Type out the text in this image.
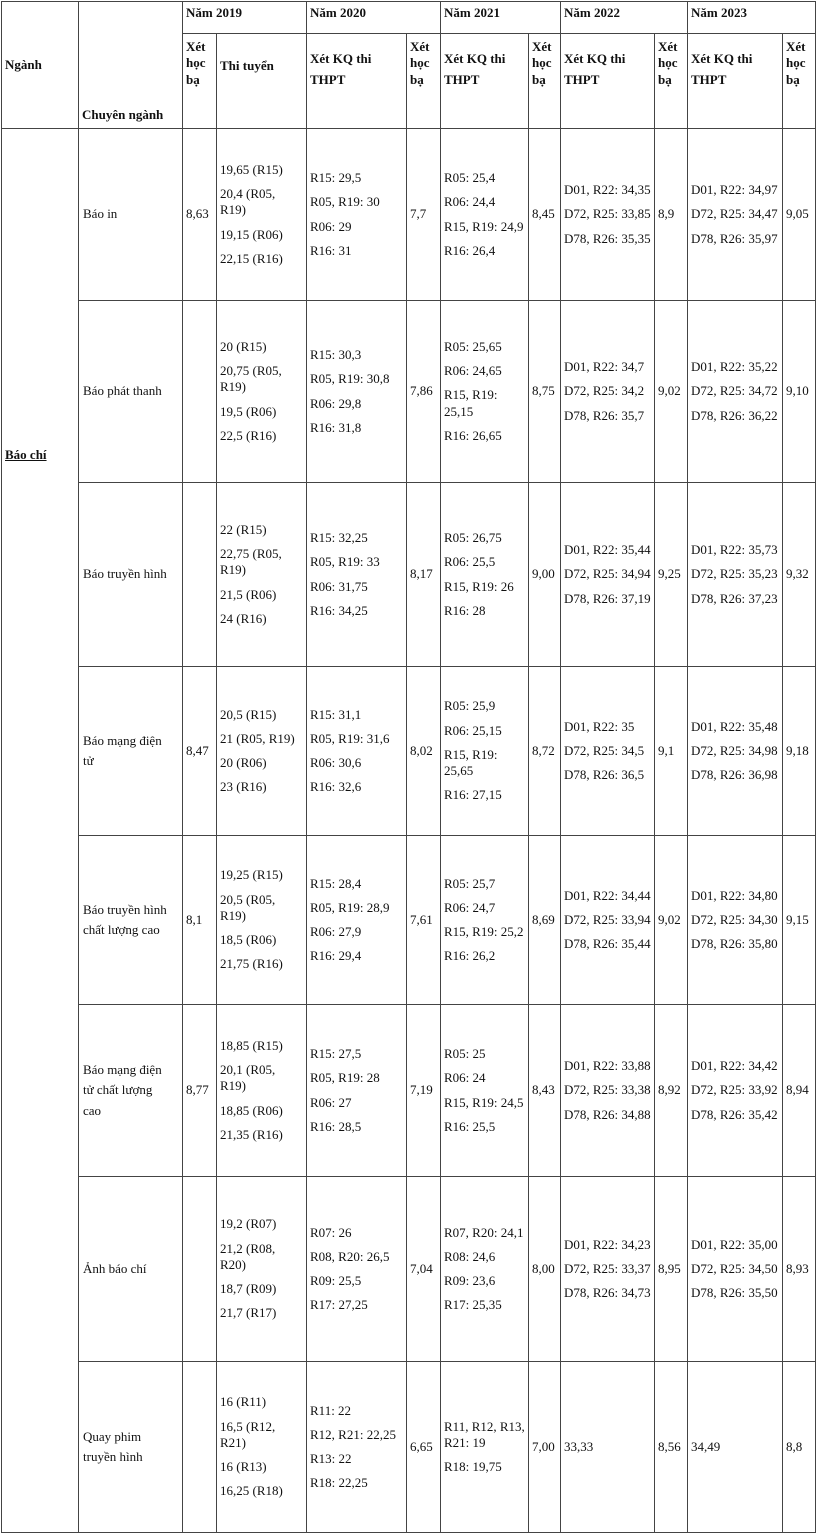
Ngành	Chuyên ngành	Năm 2019		Năm 2020		Năm 2021		Năm 2022		Năm 2023	

		Xét
học
bạ	Thi tuyển	Xét KQ thi
THPT	Xét
học
bạ	Xét KQ thi
THPT	Xét
học
bạ	Xét KQ thi
THPT	Xét
học
bạ	Xét KQ thi
THPT	Xét
học
bạ

Báo chí	Báo in	8,63	19,65 (R15)
20,4 (R05, R19)
19,15 (R06)
22,15 (R16)	R15: 29,5
R05, R19: 30
R06: 29
R16: 31	7,7	R05: 25,4
R06: 24,4
R15, R19: 24,9
R16: 26,4	8,45	D01, R22: 34,35
D72, R25: 33,85
D78, R26: 35,35	8,9	D01, R22: 34,97
D72, R25: 34,47
D78, R26: 35,97	9,05

	Báo phát thanh		20 (R15)
20,75 (R05, R19)
19,5 (R06)
22,5 (R16)	R15: 30,3
R05, R19: 30,8
R06: 29,8
R16: 31,8	7,86	R05: 25,65
R06: 24,65
R15, R19: 25,15
R16: 26,65	8,75	D01, R22: 34,7
D72, R25: 34,2
D78, R26: 35,7	9,02	D01, R22: 35,22
D72, R25: 34,72
D78, R26: 36,22	9,10

	Báo truyền hình		22 (R15)
22,75 (R05, R19)
21,5 (R06)
24 (R16)	R15: 32,25
R05, R19: 33
R06: 31,75
R16: 34,25	8,17	R05: 26,75
R06: 25,5
R15, R19: 26
R16: 28	9,00	D01, R22: 35,44
D72, R25: 34,94
D78, R26: 37,19	9,25	D01, R22: 35,73
D72, R25: 35,23
D78, R26: 37,23	9,32

	Báo mạng điện
tử	8,47	20,5 (R15)
21 (R05, R19)
20 (R06)
23 (R16)	R15: 31,1
R05, R19: 31,6
R06: 30,6
R16: 32,6	8,02	R05: 25,9
R06: 25,15
R15, R19: 25,65
R16: 27,15	8,72	D01, R22: 35
D72, R25: 34,5
D78, R26: 36,5	9,1	D01, R22: 35,48
D72, R25: 34,98
D78, R26: 36,98	9,18

	Báo truyền hình
chất lượng cao	8,1	19,25 (R15)
20,5 (R05, R19)
18,5 (R06)
21,75 (R16)	R15: 28,4
R05, R19: 28,9
R06: 27,9
R16: 29,4	7,61	R05: 25,7
R06: 24,7
R15, R19: 25,2
R16: 26,2	8,69	D01, R22: 34,44
D72, R25: 33,94
D78, R26: 35,44	9,02	D01, R22: 34,80
D72, R25: 34,30
D78, R26: 35,80	9,15

	Báo mạng điện
tử chất lượng
cao	8,77	18,85 (R15)
20,1 (R05, R19)
18,85 (R06)
21,35 (R16)	R15: 27,5
R05, R19: 28
R06: 27
R16: 28,5	7,19	R05: 25
R06: 24
R15, R19: 24,5
R16: 25,5	8,43	D01, R22: 33,88
D72, R25: 33,38
D78, R26: 34,88	8,92	D01, R22: 34,42
D72, R25: 33,92
D78, R26: 35,42	8,94

	Ảnh báo chí		19,2 (R07)
21,2 (R08, R20)
18,7 (R09)
21,7 (R17)	R07: 26
R08, R20: 26,5
R09: 25,5
R17: 27,25	7,04	R07, R20: 24,1
R08: 24,6
R09: 23,6
R17: 25,35	8,00	D01, R22: 34,23
D72, R25: 33,37
D78, R26: 34,73	8,95	D01, R22: 35,00
D72, R25: 34,50
D78, R26: 35,50	8,93

	Quay phim
truyền hình		16 (R11)
16,5 (R12, R21)
16 (R13)
16,25 (R18)	R11: 22
R12, R21: 22,25
R13: 22
R18: 22,25	6,65	R11, R12, R13, R21: 19
R18: 19,75	7,00	33,33	8,56	34,49	8,8
